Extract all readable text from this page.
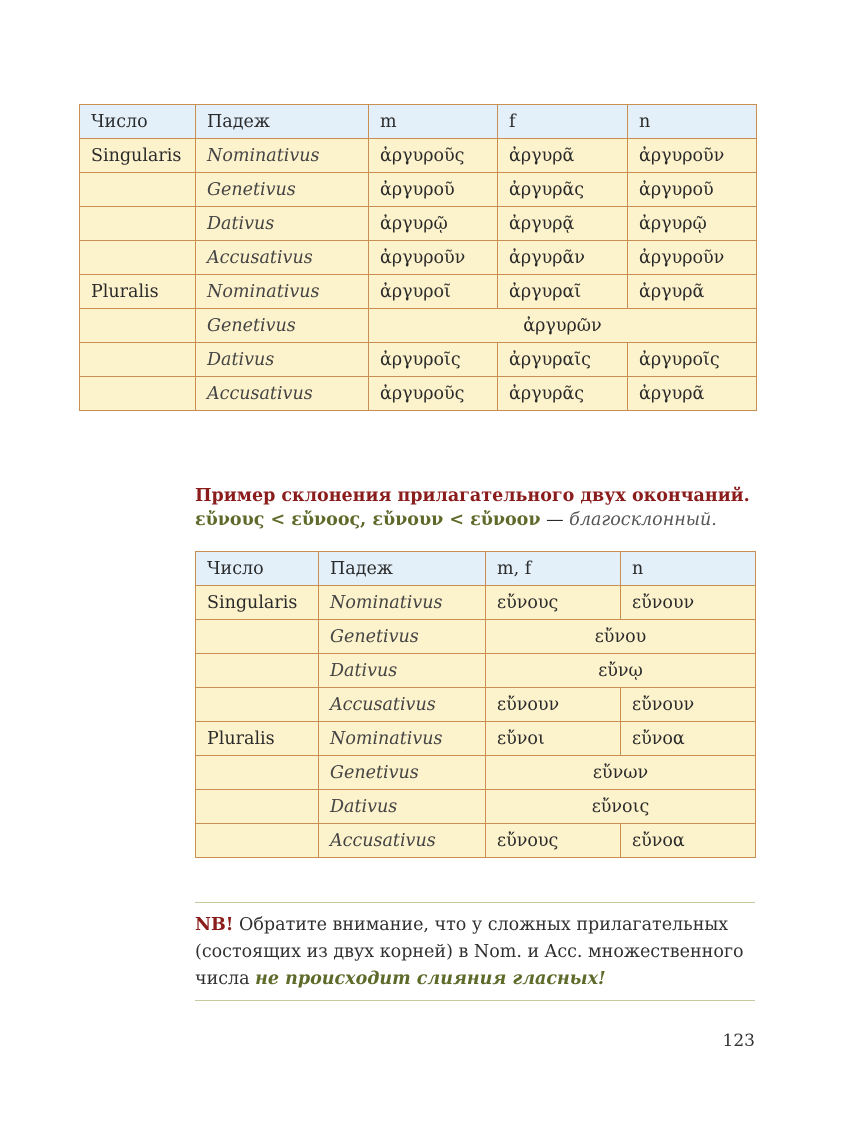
Число	Падеж	m	f	n
Singularis	Nominativus	ἀργυροῦς	ἀργυρᾶ	ἀργυροῦν
	Genetivus	ἀργυροῦ	ἀργυρᾶς	ἀργυροῦ
	Dativus	ἀργυρῷ	ἀργυρᾷ	ἀργυρῷ
	Accusativus	ἀργυροῦν	ἀργυρᾶν	ἀργυροῦν
Pluralis	Nominativus	ἀργυροῖ	ἀργυραῖ	ἀργυρᾶ
	Genetivus	ἀργυρῶν		
	Dativus	ἀργυροῖς	ἀργυραῖς	ἀργυροῖς
	Accusativus	ἀργυροῦς	ἀργυρᾶς	ἀργυρᾶ
Пример склонения прилагательного двух окончаний.
εὔνους < εὔνοος, εὔνουν < εὔνοον — благосклонный.
Число	Падеж	m, f	n
Singularis	Nominativus	εὔνους	εὔνουν
	Genetivus	εὔνου	
	Dativus	εὔνῳ	
	Accusativus	εὔνουν	εὔνουν
Pluralis	Nominativus	εὔνοι	εὔνοα
	Genetivus	εὔνων	
	Dativus	εὔνοις	
	Accusativus	εὔνους	εὔνοα
NB! Обратите внимание, что у сложных прилагательных (состоящих из двух корней) в Nom. и Acc. множественного числа не происходит слияния гласных!
123
